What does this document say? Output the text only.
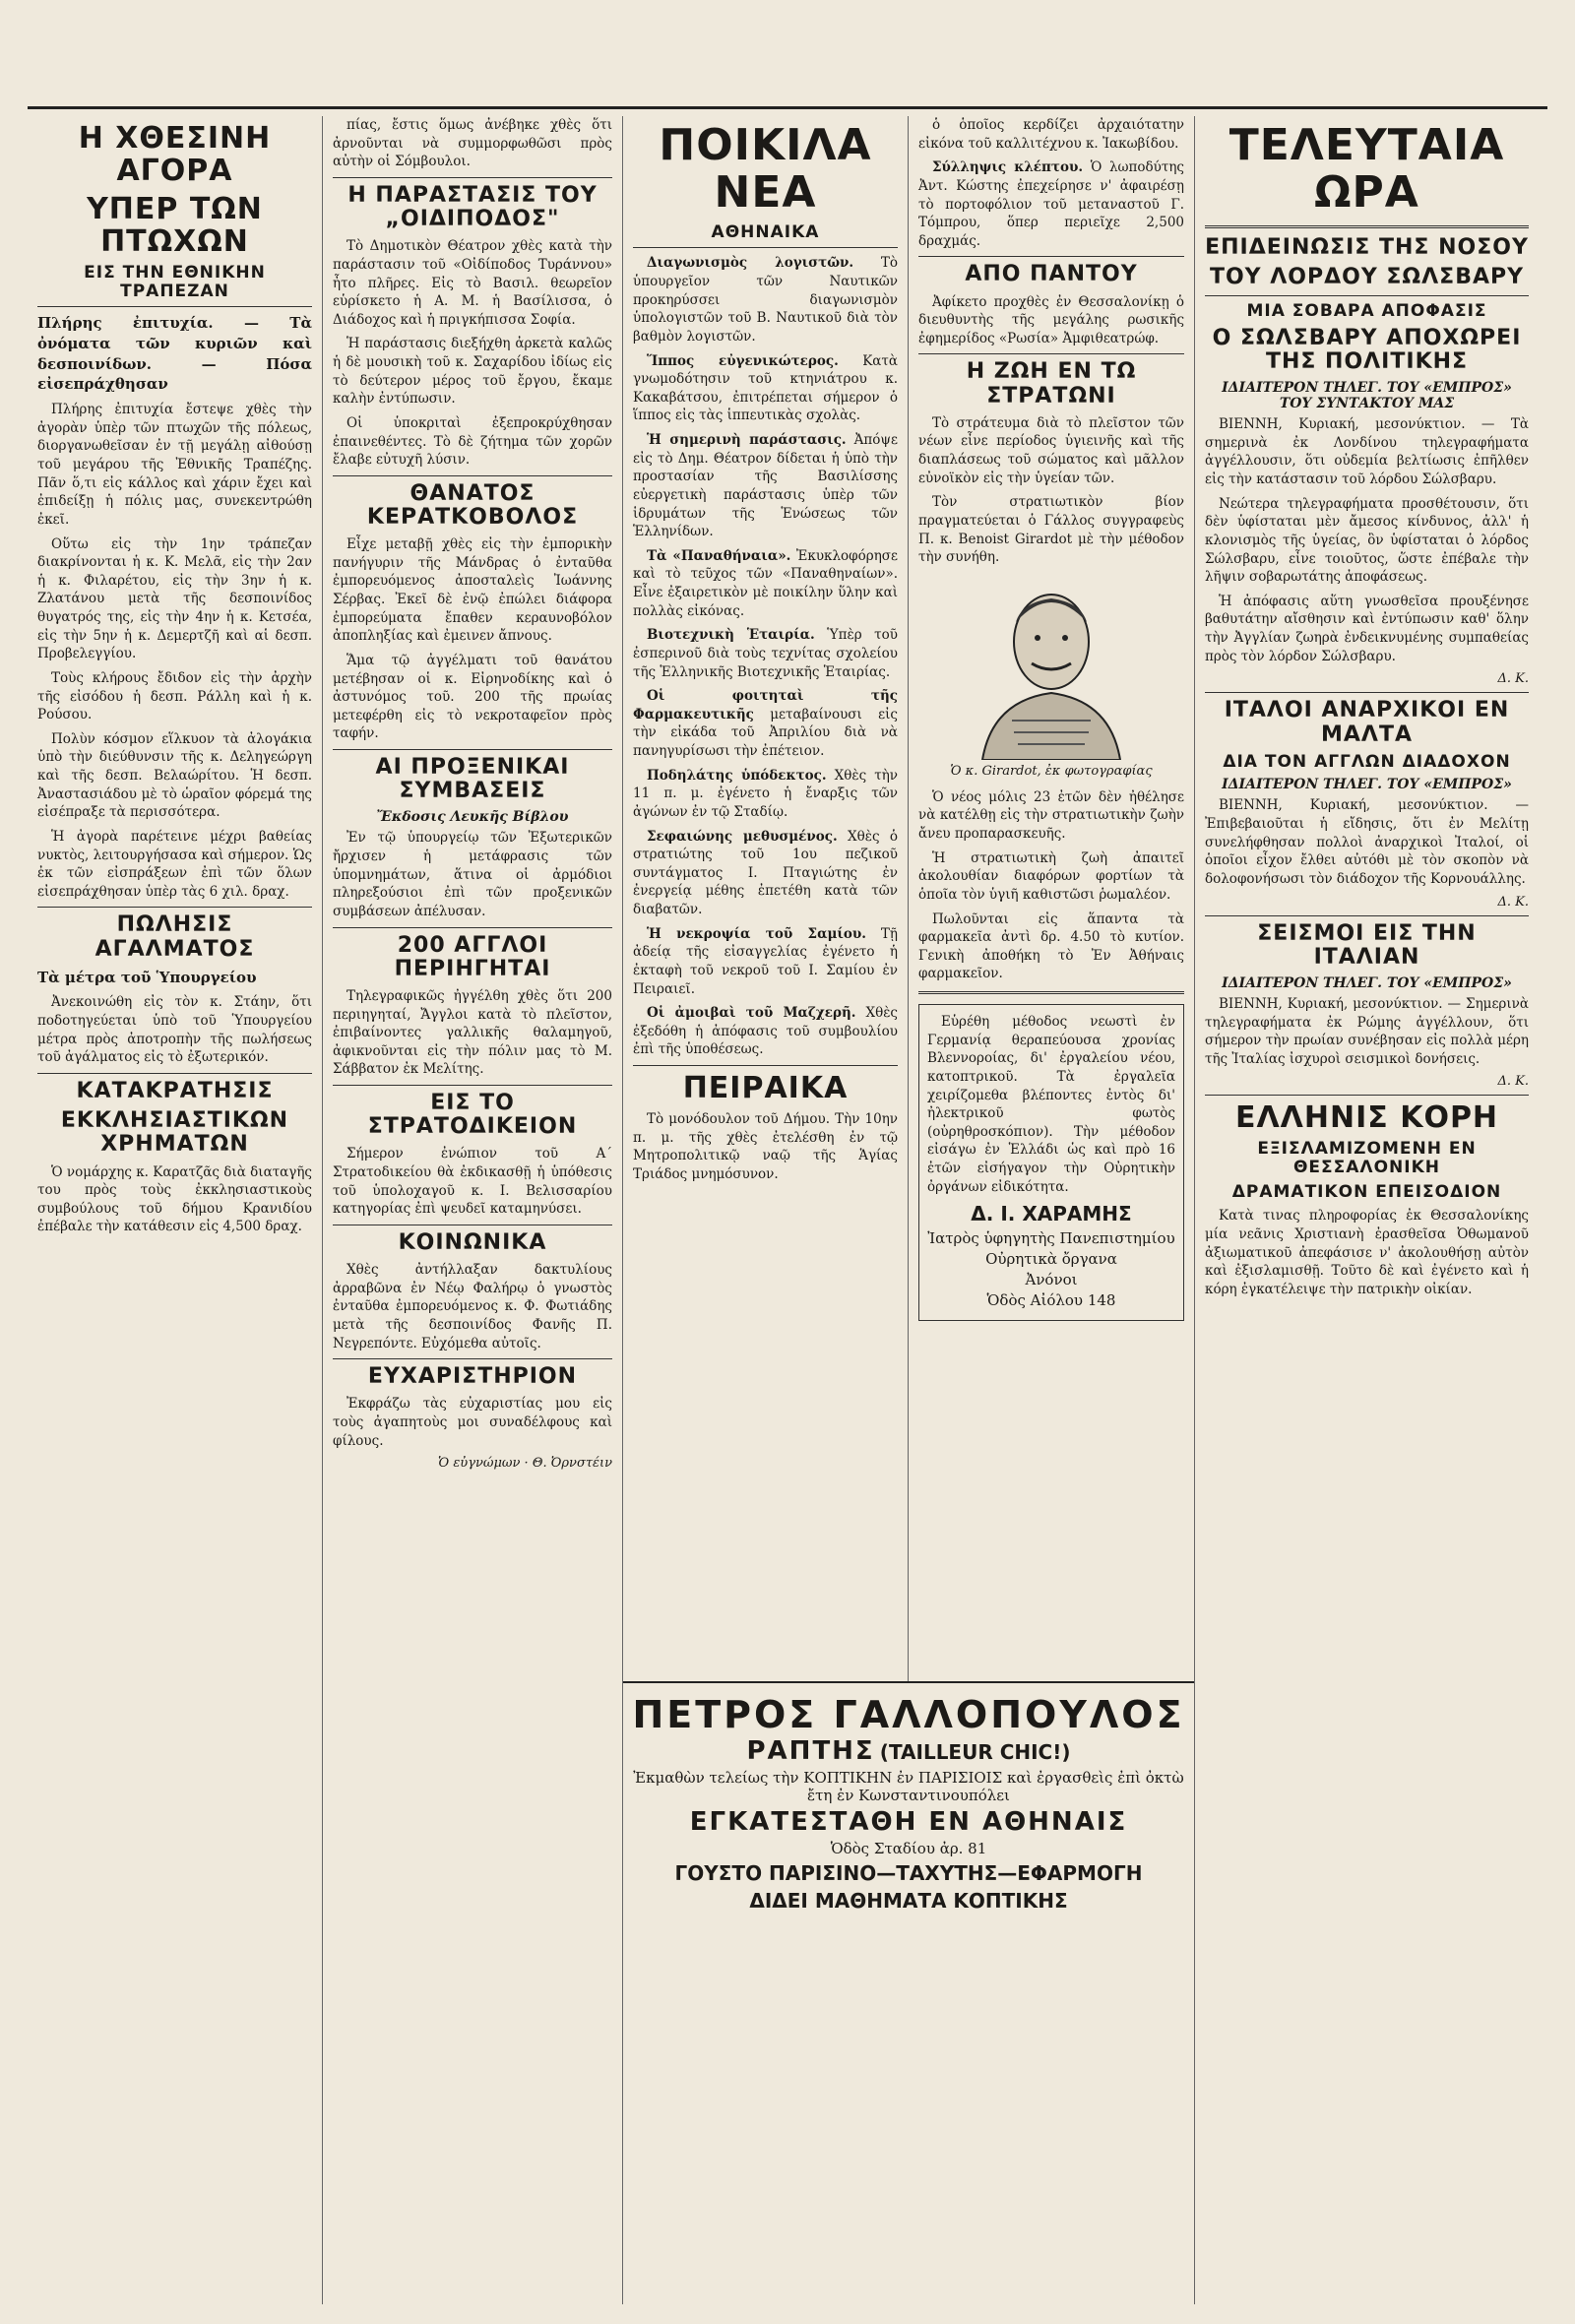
Η ΧΘΕΣΙΝΗ ΑΓΟΡΑ
ΥΠΕΡ ΤΩΝ ΠΤΩΧΩΝ
ΕΙΣ ΤΗΝ ΕΘΝΙΚΗΝ ΤΡΑΠΕΖΑΝ

Πλήρης ἐπιτυχία. — Τὰ ὀνόματα τῶν κυριῶν καὶ δεσποινίδων. — Πόσα εἰσεπράχθησαν

Πλήρης ἐπιτυχία ἔστεψε χθὲς τὴν ἀγορὰν ὑπὲρ τῶν πτωχῶν τῆς πόλεως, διοργανωθεῖσαν ἐν τῇ μεγάλῃ αἰθούσῃ τοῦ μεγάρου τῆς Ἐθνικῆς Τραπέζης. Πᾶν ὅ,τι εἰς κάλλος καὶ χάριν ἔχει καὶ ἐπιδείξῃ ἡ πόλις μας, συνεκεντρώθη ἐκεῖ.

Οὕτω εἰς τὴν 1ην τράπεζαν διακρίνονται ἡ κ. Κ. Μελᾶ, εἰς τὴν 2αν ἡ κ. Φιλαρέτου, εἰς τὴν 3ην ἡ κ. Ζλατάνου μετὰ τῆς δεσποινίδος θυγατρός της, εἰς τὴν 4ην ἡ κ. Κετσέα, εἰς τὴν 5ην ἡ κ. Δεμερτζῆ καὶ αἱ δεσπ. Προβελεγγίου.

Τοὺς κλήρους ἔδιδον εἰς τὴν ἀρχὴν τῆς εἰσόδου ἡ δεσπ. Ράλλη καὶ ἡ κ. Ρούσου.

Πολὺν κόσμον εἵλκυον τὰ ἀλογάκια ὑπὸ τὴν διεύθυνσιν τῆς κ. Δεληγεώργη καὶ τῆς δεσπ. Βελαώρίτου. Ἡ δεσπ. Ἀναστασιάδου μὲ τὸ ὡραῖον φόρεμά της εἰσέπραξε τὰ περισσότερα.

Ἡ ἀγορὰ παρέτεινε μέχρι βαθείας νυκτὸς, λειτουργήσασα καὶ σήμερον. Ὡς ἐκ τῶν εἰσπράξεων ἐπὶ τῶν ὅλων εἰσεπράχθησαν ὑπὲρ τὰς 6 χιλ. δραχ.

ΠΩΛΗΣΙΣ ΑΓΑΛΜΑΤΟΣ

Τὰ μέτρα τοῦ Ὑπουργείου

Ἀνεκοινώθη εἰς τὸν κ. Στάην, ὅτι ποδοτηγεύεται ὑπὸ τοῦ Ὑπουργείου μέτρα πρὸς ἀποτροπὴν τῆς πωλήσεως τοῦ ἀγάλματος εἰς τὸ ἐξωτερικόν.

ΚΑΤΑΚΡΑΤΗΣΙΣ
ΕΚΚΛΗΣΙΑΣΤΙΚΩΝ ΧΡΗΜΑΤΩΝ

Ὁ νομάρχης κ. Καρατζᾶς διὰ διαταγῆς του πρὸς τοὺς ἐκκλησιαστικοὺς συμβούλους τοῦ δήμου Κρανιδίου ἐπέβαλε τὴν κατάθεσιν εἰς 4,500 δραχ.

πίας, ἔστις ὅμως ἀνέβηκε χθὲς ὅτι ἀρνοῦνται νὰ συμμορφωθῶσι πρὸς αὐτὴν οἱ Σόμβουλοι.

Η ΠΑΡΑΣΤΑΣΙΣ ΤΟΥ „ΟΙΔΙΠΟΔΟΣ"

Τὸ Δημοτικὸν Θέατρον χθὲς κατὰ τὴν παράστασιν τοῦ «Οἰδίποδος Τυράννου» ἦτο πλῆρες. Εἰς τὸ Βασιλ. θεωρεῖον εὑρίσκετο ἡ Α. Μ. ἡ Βασίλισσα, ὁ Διάδοχος καὶ ἡ πριγκήπισσα Σοφία.

Ἡ παράστασις διεξήχθη ἀρκετὰ καλῶς ἡ δὲ μουσικὴ τοῦ κ. Σαχαρίδου ἰδίως εἰς τὸ δεύτερον μέρος τοῦ ἔργου, ἔκαμε καλὴν ἐντύπωσιν.

Οἱ ὑποκριταὶ ἐξεπροκρύχθησαν ἐπαινεθέντες. Τὸ δὲ ζήτημα τῶν χορῶν ἔλαβε εὐτυχῆ λύσιν.

ΘΑΝΑΤΟΣ ΚΕΡΑΤΚΟΒΟΛΟΣ

Εἶχε μεταβῇ χθὲς εἰς τὴν ἐμπορικὴν πανήγυριν τῆς Μάνδρας ὁ ἐνταῦθα ἐμπορευόμενος ἀποσταλεὶς Ἰωάννης Σέρβας. Ἐκεῖ δὲ ἐνῷ ἐπώλει διάφορα ἐμπορεύματα ἔπαθεν κεραυνοβόλον ἀποπληξίας καὶ ἐμεινεν ἄπνους.

Ἅμα τῷ ἀγγέλματι τοῦ θανάτου μετέβησαν οἱ κ. Εἰρηνοδίκης καὶ ὁ ἀστυνόμος τοῦ. 200 τῆς πρωίας μετεφέρθη εἰς τὸ νεκροταφεῖον πρὸς ταφήν.

ΑΙ ΠΡΟΞΕΝΙΚΑΙ ΣΥΜΒΑΣΕΙΣ
Ἔκδοσις Λευκῆς Βίβλου

Ἐν τῷ ὑπουργείῳ τῶν Ἐξωτερικῶν ἤρχισεν ἡ μετάφρασις τῶν ὑπομνημάτων, ἅτινα οἱ ἀρμόδιοι πληρεξούσιοι ἐπὶ τῶν προξενικῶν συμβάσεων ἀπέλυσαν.

200 ΑΓΓΛΟΙ ΠΕΡΙΗΓΗΤΑΙ

Τηλεγραφικῶς ἠγγέλθη χθὲς ὅτι 200 περιηγηταί, Ἄγγλοι κατὰ τὸ πλεῖστον, ἐπιβαίνοντες γαλλικῆς θαλαμηγοῦ, ἀφικνοῦνται εἰς τὴν πόλιν μας τὸ Μ. Σάββατον ἐκ Μελίτης.

ΕΙΣ ΤΟ ΣΤΡΑΤΟΔΙΚΕΙΟΝ

Σήμερον ἐνώπιον τοῦ Α΄ Στρατοδικείου θὰ ἐκδικασθῇ ἡ ὑπόθεσις τοῦ ὑπολοχαγοῦ κ. Ι. Βελισσαρίου κατηγορίας ἐπὶ ψευδεῖ καταμηνύσει.

ΚΟΙΝΩΝΙΚΑ

Χθὲς ἀντήλλαξαν δακτυλίους ἀρραβῶνα ἐν Νέῳ Φαλήρῳ ὁ γνωστὸς ἐνταῦθα ἐμπορευόμενος κ. Φ. Φωτιάδης μετὰ τῆς δεσποινίδος Φανῆς Π. Νεγρεπόντε. Εὐχόμεθα αὐτοῖς.

ΕΥΧΑΡΙΣΤΗΡΙΟΝ

Ἐκφράζω τὰς εὐχαριστίας μου εἰς τοὺς ἀγαπητοὺς μοι συναδέλφους καὶ φίλους.

Ὁ εὐγνώμων · Θ. Ὀρνστέιν
ΠΟΙΚΙΛΑ ΝΕΑ
ΑΘΗΝΑΙΚΑ

Διαγωνισμὸς λογιστῶν. Τὸ ὑπουργεῖον τῶν Ναυτικῶν προκηρύσσει διαγωνισμὸν ὑπολογιστῶν τοῦ Β. Ναυτικοῦ διὰ τὸν βαθμὸν λογιστῶν.

Ἵππος εὐγενικώτερος. Κατὰ γνωμοδότησιν τοῦ κτηνιάτρου κ. Κακαβάτσου, ἐπιτρέπεται σήμερον ὁ ἵππος εἰς τὰς ἱππευτικὰς σχολὰς.

Ἡ σημερινὴ παράστασις. Ἀπόψε εἰς τὸ Δημ. Θέατρον δίδεται ἡ ὑπὸ τὴν προστασίαν τῆς Βασιλίσσης εὐεργετικὴ παράστασις ὑπὲρ τῶν ἱδρυμάτων τῆς Ἑνώσεως τῶν Ἑλληνίδων.

Τὰ «Παναθήναια». Ἐκυκλοφόρησε καὶ τὸ τεῦχος τῶν «Παναθηναίων». Εἶνε ἐξαιρετικὸν μὲ ποικίλην ὕλην καὶ πολλὰς εἰκόνας.

Βιοτεχνικὴ Ἑταιρία. Ὑπὲρ τοῦ ἐσπερινοῦ διὰ τοὺς τεχνίτας σχολείου τῆς Ἑλληνικῆς Βιοτεχνικῆς Ἑταιρίας.

Οἱ φοιτηταὶ τῆς Φαρμακευτικῆς μεταβαίνουσι εἰς τὴν εἰκάδα τοῦ Ἀπριλίου διὰ νὰ πανηγυρίσωσι τὴν ἐπέτειον.

Ποδηλάτης ὑπόδεκτος. Χθὲς τὴν 11 π. μ. ἐγένετο ἡ ἔναρξις τῶν ἀγώνων ἐν τῷ Σταδίῳ.

Σεφαιώνης μεθυσμένος. Χθὲς ὁ στρατιώτης τοῦ 1ου πεζικοῦ συντάγματος Ι. Πταγιώτης ἐν ἐνεργείᾳ μέθης ἐπετέθη κατὰ τῶν διαβατῶν.

Ἡ νεκροψία τοῦ Σαμίου. Τῇ ἀδείᾳ τῆς εἰσαγγελίας ἐγένετο ἡ ἐκταφὴ τοῦ νεκροῦ τοῦ Ι. Σαμίου ἐν Πειραιεῖ.

Οἱ ἀμοιβαὶ τοῦ Μαζχερῆ. Χθὲς ἐξεδόθη ἡ ἀπόφασις τοῦ συμβουλίου ἐπὶ τῆς ὑποθέσεως.

ΠΕΙΡΑΙΚΑ

Τὸ μονόδουλον τοῦ Δήμου. Τὴν 10ην π. μ. τῆς χθὲς ἐτελέσθη ἐν τῷ Μητροπολιτικῷ ναῷ τῆς Ἁγίας Τριάδος μνημόσυνον.

ὁ ὁποῖος κερδίζει ἀρχαιότατην εἰκόνα τοῦ καλλιτέχνου κ. Ἰακωβίδου.

Σύλληψις κλέπτου. Ὁ λωποδύτης Ἀντ. Κώστης ἐπεχείρησε ν' ἀφαιρέσῃ τὸ πορτοφόλιον τοῦ μεταναστοῦ Γ. Τόμπρου, ὅπερ περιεῖχε 2,500 δραχμάς.

ΑΠΟ ΠΑΝΤΟΥ

Ἀφίκετο προχθὲς ἐν Θεσσαλονίκῃ ὁ διευθυντὴς τῆς μεγάλης ρωσικῆς ἐφημερίδος «Ρωσία» Ἀμφιθεατρώφ.

Η ΖΩΗ ΕΝ ΤΩ ΣΤΡΑΤΩΝΙ

Τὸ στράτευμα διὰ τὸ πλεῖστον τῶν νέων εἶνε περίοδος ὑγιεινῆς καὶ τῆς διαπλάσεως τοῦ σώματος καὶ μᾶλλον εὐνοϊκὸν εἰς τὴν ὑγείαν τῶν.

Τὸν στρατιωτικὸν βίον πραγματεύεται ὁ Γάλλος συγγραφεὺς Π. κ. Benoist Girardot μὲ τὴν μέθοδον τὴν συνήθη.

Ὁ κ. Girardot, ἐκ φωτογραφίας

Ὁ νέος μόλις 23 ἐτῶν δὲν ἠθέλησε νὰ κατέλθῃ εἰς τὴν στρατιωτικὴν ζωὴν ἄνευ προπαρασκευῆς.

Ἡ στρατιωτικὴ ζωὴ ἀπαιτεῖ ἀκολουθίαν διαφόρων φορτίων τὰ ὁποῖα τὸν ὑγιῆ καθιστῶσι ῥωμαλέον.

Πωλοῦνται εἰς ἅπαντα τὰ φαρμακεῖα ἀντὶ δρ. 4.50 τὸ κυτίον. Γενικὴ ἀποθήκη τὸ Ἐν Ἀθήναις φαρμακεῖον.

Εὑρέθη μέθοδος νεωστὶ ἐν Γερμανίᾳ θεραπεύουσα χρονίας Βλεννοροίας, δι' ἐργαλείου νέου, κατοπτρικοῦ. Τὰ ἐργαλεῖα χειρίζομεθα βλέποντες ἐντὸς δι' ἠλεκτρικοῦ φωτὸς (οὐρηθροσκόπιον). Τὴν μέθοδον εἰσάγω ἐν Ἑλλάδι ὡς καὶ πρὸ 16 ἐτῶν εἰσήγαγον τὴν Οὐρητικὴν ὀργάνων εἰδικότητα.

Δ. Ι. ΧΑΡΑΜΗΣ
Ἰατρὸς ὑφηγητὴς Πανεπιστημίου
Οὐρητικὰ ὄργανα
Ἀνόνοι
Ὁδὸς Αἰόλου 148
ΠΕΤΡΟΣ ΓΑΛΛΟΠΟΥΛΟΣ
ΡΑΠΤΗΣ (TAILLEUR CHIC!)
Ἐκμαθὼν τελείως τὴν ΚΟΠΤΙΚΗΝ ἐν ΠΑΡΙΣΙΟΙΣ καὶ ἐργασθεὶς ἐπὶ ὀκτὼ ἔτη ἐν Κωνσταντινουπόλει
ΕΓΚΑΤΕΣΤΑΘΗ ΕΝ ΑΘΗΝΑΙΣ
Ὁδὸς Σταδίου ἀρ. 81
ΓΟΥΣΤΟ ΠΑΡΙΣΙΝΟ—ΤΑΧΥΤΗΣ—ΕΦΑΡΜΟΓΗ
ΔΙΔΕΙ ΜΑΘΗΜΑΤΑ ΚΟΠΤΙΚΗΣ
ΤΕΛΕΥΤΑΙΑ ΩΡΑ
ΕΠΙΔΕΙΝΩΣΙΣ ΤΗΣ ΝΟΣΟΥ
ΤΟΥ ΛΟΡΔΟΥ ΣΩΛΣΒΑΡΥ
ΜΙΑ ΣΟΒΑΡΑ ΑΠΟΦΑΣΙΣ
Ο ΣΩΛΣΒΑΡΥ ΑΠΟΧΩΡΕΙ ΤΗΣ ΠΟΛΙΤΙΚΗΣ
ΙΔΙΑΙΤΕΡΟΝ ΤΗΛΕΓ. ΤΟΥ «ΕΜΠΡΟΣ» ΤΟΥ ΣΥΝΤΑΚΤΟΥ ΜΑΣ

ΒΙΕΝΝΗ, Κυριακή, μεσονύκτιον. — Τὰ σημερινὰ ἐκ Λονδίνου τηλεγραφήματα ἀγγέλλουσιν, ὅτι οὐδεμία βελτίωσις ἐπῆλθεν εἰς τὴν κατάστασιν τοῦ λόρδου Σώλσβαρυ.

Νεώτερα τηλεγραφήματα προσθέτουσιν, ὅτι δὲν ὑφίσταται μὲν ἄμεσος κίνδυνος, ἀλλ' ἡ κλονισμὸς τῆς ὑγείας, ὃν ὑφίσταται ὁ λόρδος Σώλσβαρυ, εἶνε τοιοῦτος, ὥστε ἐπέβαλε τὴν λῆψιν σοβαρωτάτης ἀποφάσεως.

Ἡ ἀπόφασις αὕτη γνωσθεῖσα προυξένησε βαθυτάτην αἴσθησιν καὶ ἐντύπωσιν καθ' ὅλην τὴν Ἀγγλίαν ζωηρὰ ἐνδεικνυμένης συμπαθείας πρὸς τὸν λόρδον Σώλσβαρυ.

Δ. Κ.
ΙΤΑΛΟΙ ΑΝΑΡΧΙΚΟΙ ΕΝ ΜΑΛΤΑ
ΔΙΑ ΤΟΝ ΑΓΓΛΩΝ ΔΙΑΔΟΧΟΝ
ΙΔΙΑΙΤΕΡΟΝ ΤΗΛΕΓ. ΤΟΥ «ΕΜΠΡΟΣ»

ΒΙΕΝΝΗ, Κυριακή, μεσονύκτιον. — Ἐπιβεβαιοῦται ἡ εἴδησις, ὅτι ἐν Μελίτῃ συνελήφθησαν πολλοὶ ἀναρχικοὶ Ἰταλοί, οἱ ὁποῖοι εἶχον ἔλθει αὐτόθι μὲ τὸν σκοπὸν νὰ δολοφονήσωσι τὸν διάδοχον τῆς Κορνουάλλης.

Δ. Κ.
ΣΕΙΣΜΟΙ ΕΙΣ ΤΗΝ ΙΤΑΛΙΑΝ
ΙΔΙΑΙΤΕΡΟΝ ΤΗΛΕΓ. ΤΟΥ «ΕΜΠΡΟΣ»

ΒΙΕΝΝΗ, Κυριακή, μεσονύκτιον. — Σημερινὰ τηλεγραφήματα ἐκ Ρώμης ἀγγέλλουν, ὅτι σήμερον τὴν πρωίαν συνέβησαν εἰς πολλὰ μέρη τῆς Ἰταλίας ἰσχυροὶ σεισμικοὶ δονήσεις.

Δ. Κ.
ΕΛΛΗΝΙΣ ΚΟΡΗ
ΕΞΙΣΛΑΜΙΖΟΜΕΝΗ ΕΝ ΘΕΣΣΑΛΟΝΙΚΗ
ΔΡΑΜΑΤΙΚΟΝ ΕΠΕΙΣΟΔΙΟΝ

Κατὰ τινας πληροφορίας ἐκ Θεσσαλονίκης μία νεᾶνις Χριστιανὴ ἐρασθεῖσα Ὀθωμανοῦ ἀξιωματικοῦ ἀπεφάσισε ν' ἀκολουθήσῃ αὐτὸν καὶ ἐξισλαμισθῇ. Τοῦτο δὲ καὶ ἐγένετο καὶ ἡ κόρη ἐγκατέλειψε τὴν πατρικὴν οἰκίαν.
